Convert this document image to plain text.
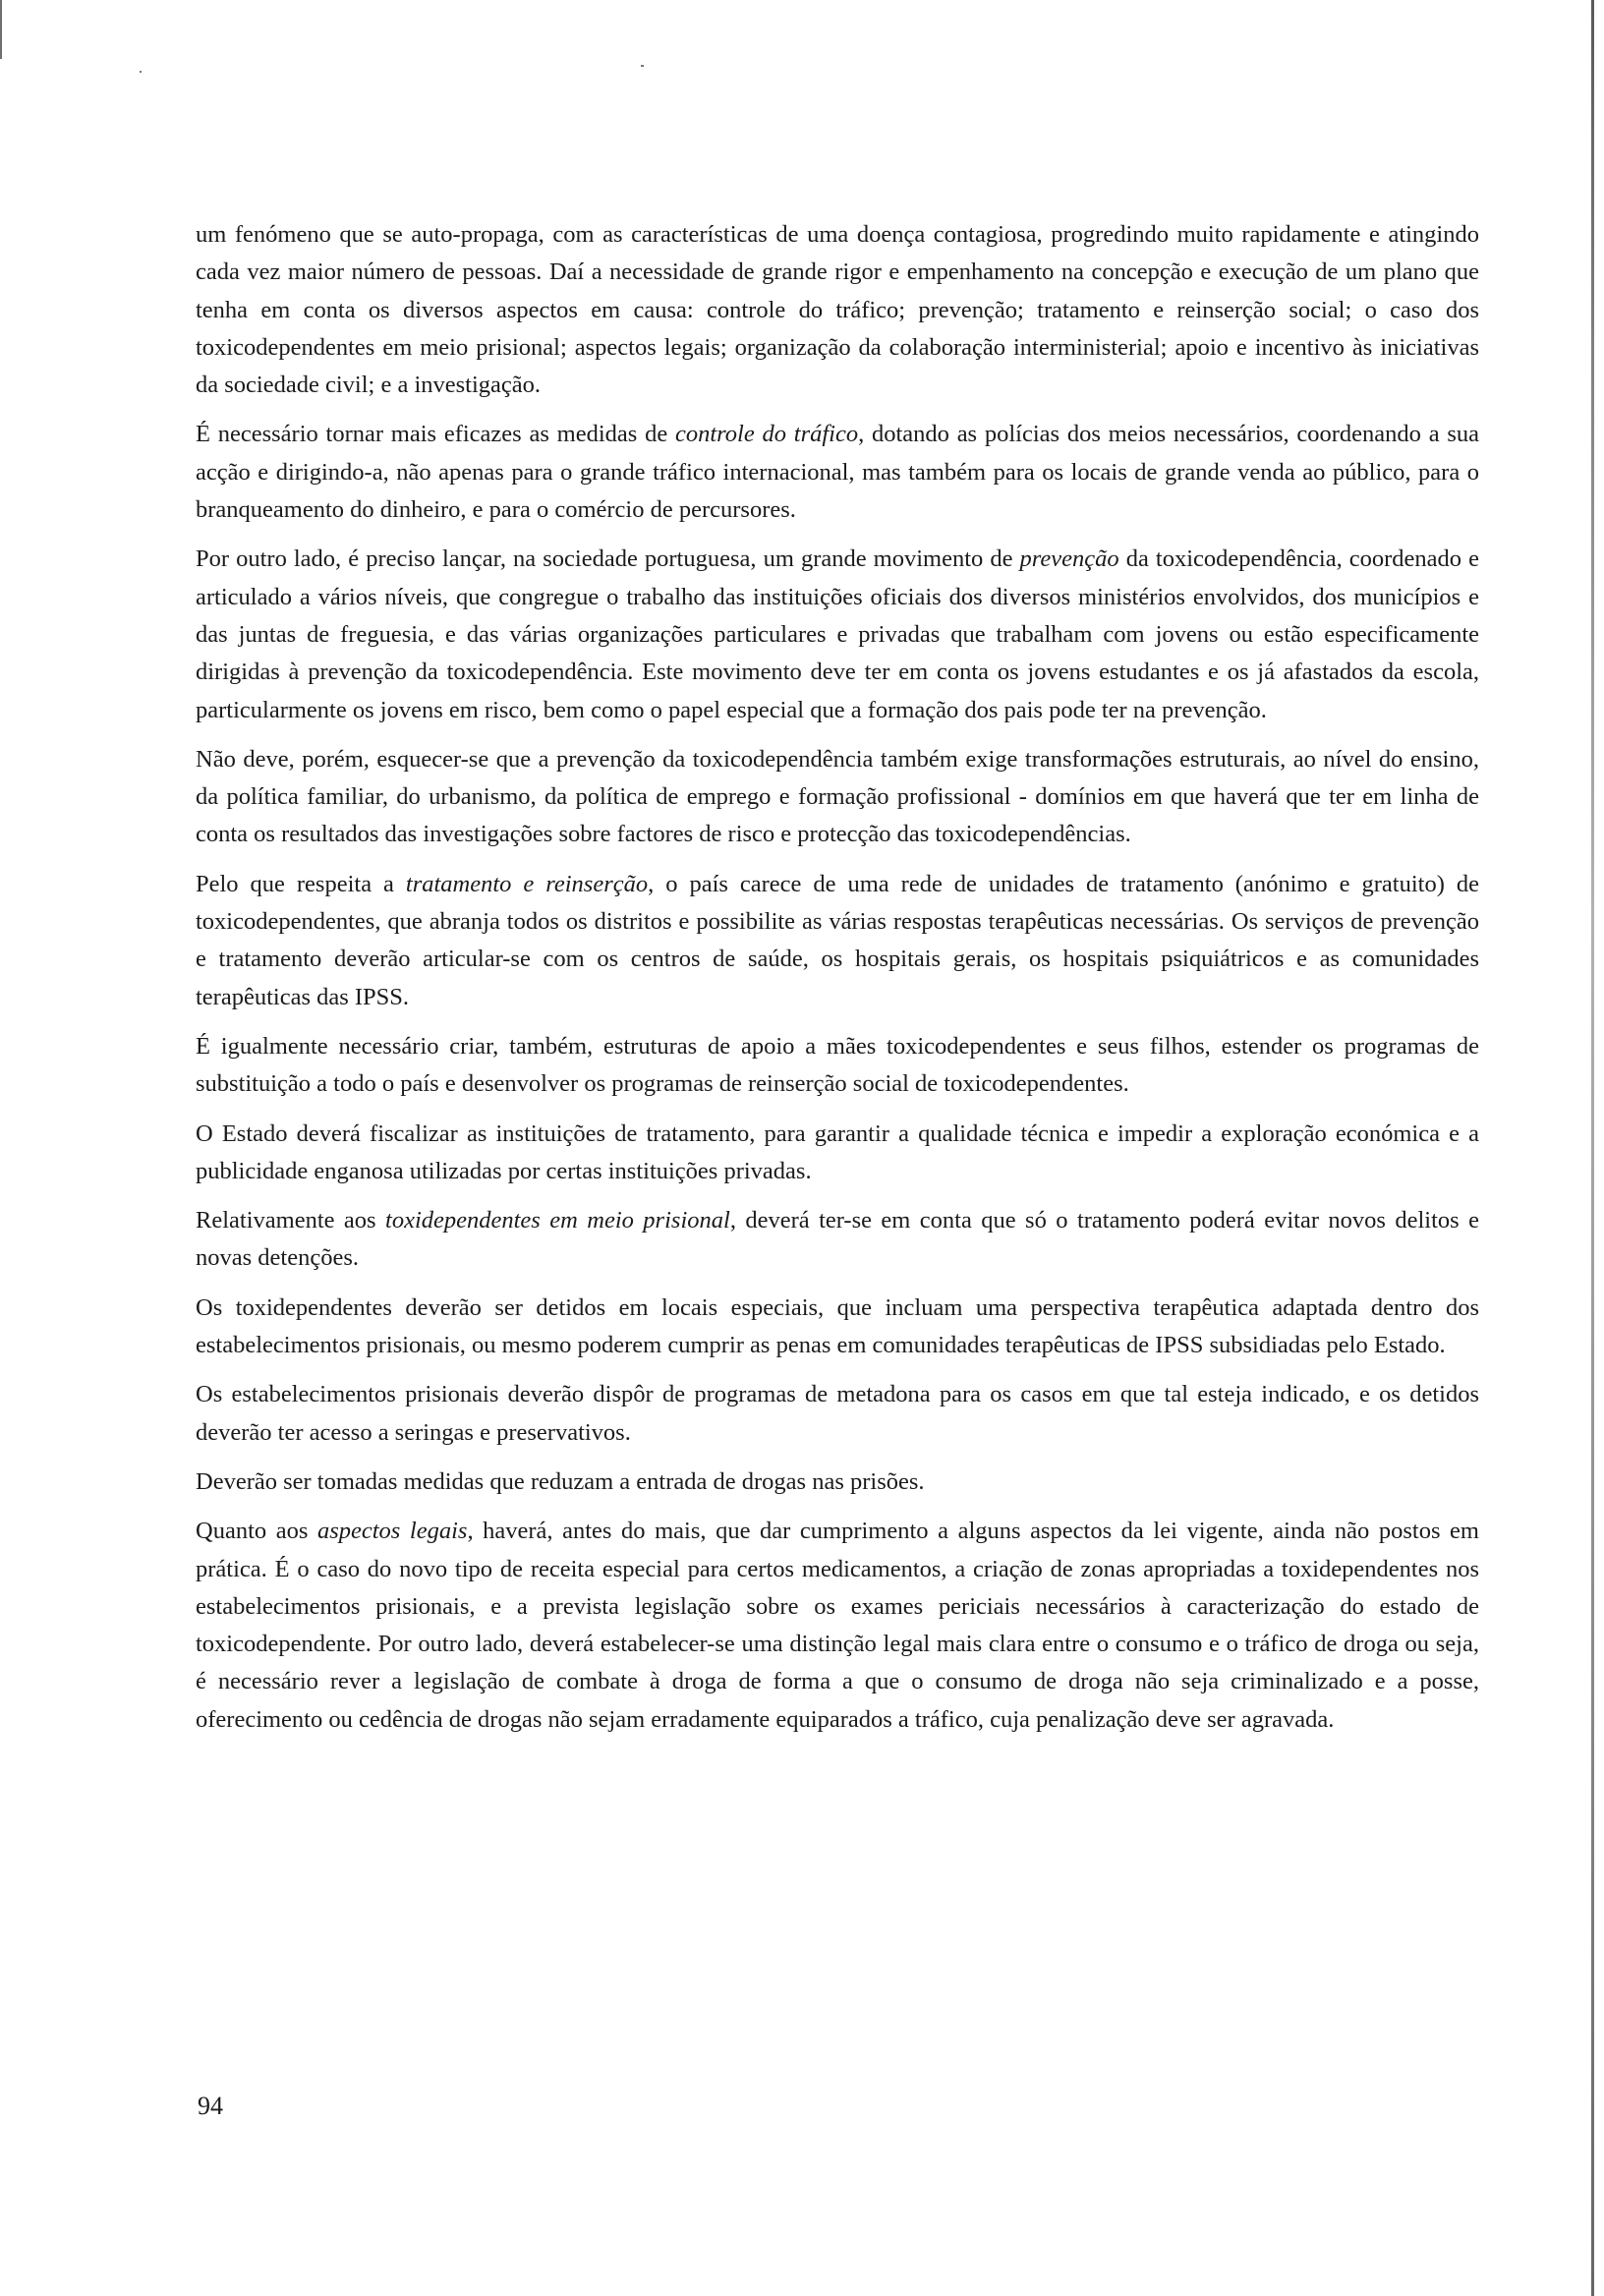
um fenómeno que se auto-propaga, com as características de uma doença contagiosa, progredindo muito rapidamente e atingindo cada vez maior número de pessoas. Daí a necessidade de grande rigor e empenhamento na concepção e execução de um plano que tenha em conta os diversos aspectos em causa: controle do tráfico; prevenção; tratamento e reinserção social; o caso dos toxicodependentes em meio prisional; aspectos legais; organização da colaboração interministerial; apoio e incentivo às iniciativas da sociedade civil; e a investigação.

É necessário tornar mais eficazes as medidas de controle do tráfico, dotando as polícias dos meios necessários, coordenando a sua acção e dirigindo-a, não apenas para o grande tráfico internacional, mas também para os locais de grande venda ao público, para o branqueamento do dinheiro, e para o comércio de percursores.

Por outro lado, é preciso lançar, na sociedade portuguesa, um grande movimento de prevenção da toxicodependência, coordenado e articulado a vários níveis, que congregue o trabalho das instituições oficiais dos diversos ministérios envolvidos, dos municípios e das juntas de freguesia, e das várias organizações particulares e privadas que trabalham com jovens ou estão especificamente dirigidas à prevenção da toxicodependência. Este movimento deve ter em conta os jovens estudantes e os já afastados da escola, particularmente os jovens em risco, bem como o papel especial que a formação dos pais pode ter na prevenção.

Não deve, porém, esquecer-se que a prevenção da toxicodependência também exige transformações estruturais, ao nível do ensino, da política familiar, do urbanismo, da política de emprego e formação profissional - domínios em que haverá que ter em linha de conta os resultados das investigações sobre factores de risco e protecção das toxicodependências.

Pelo que respeita a tratamento e reinserção, o país carece de uma rede de unidades de tratamento (anónimo e gratuito) de toxicodependentes, que abranja todos os distritos e possibilite as várias respostas terapêuticas necessárias. Os serviços de prevenção e tratamento deverão articular-se com os centros de saúde, os hospitais gerais, os hospitais psiquiátricos e as comunidades terapêuticas das IPSS.

É igualmente necessário criar, também, estruturas de apoio a mães toxicodependentes e seus filhos, estender os programas de substituição a todo o país e desenvolver os programas de reinserção social de toxicodependentes.

O Estado deverá fiscalizar as instituições de tratamento, para garantir a qualidade técnica e impedir a exploração económica e a publicidade enganosa utilizadas por certas instituições privadas.

Relativamente aos toxidependentes em meio prisional, deverá ter-se em conta que só o tratamento poderá evitar novos delitos e novas detenções.

Os toxidependentes deverão ser detidos em locais especiais, que incluam uma perspectiva terapêutica adaptada dentro dos estabelecimentos prisionais, ou mesmo poderem cumprir as penas em comunidades terapêuticas de IPSS subsidiadas pelo Estado.

Os estabelecimentos prisionais deverão dispôr de programas de metadona para os casos em que tal esteja indicado, e os detidos deverão ter acesso a seringas e preservativos.

Deverão ser tomadas medidas que reduzam a entrada de drogas nas prisões.

Quanto aos aspectos legais, haverá, antes do mais, que dar cumprimento a alguns aspectos da lei vigente, ainda não postos em prática. É o caso do novo tipo de receita especial para certos medicamentos, a criação de zonas apropriadas a toxidependentes nos estabelecimentos prisionais, e a prevista legislação sobre os exames periciais necessários à caracterização do estado de toxicodependente. Por outro lado, deverá estabelecer-se uma distinção legal mais clara entre o consumo e o tráfico de droga ou seja, é necessário rever a legislação de combate à droga de forma a que o consumo de droga não seja criminalizado e a posse, oferecimento ou cedência de drogas não sejam erradamente equiparados a tráfico, cuja penalização deve ser agravada.

94
